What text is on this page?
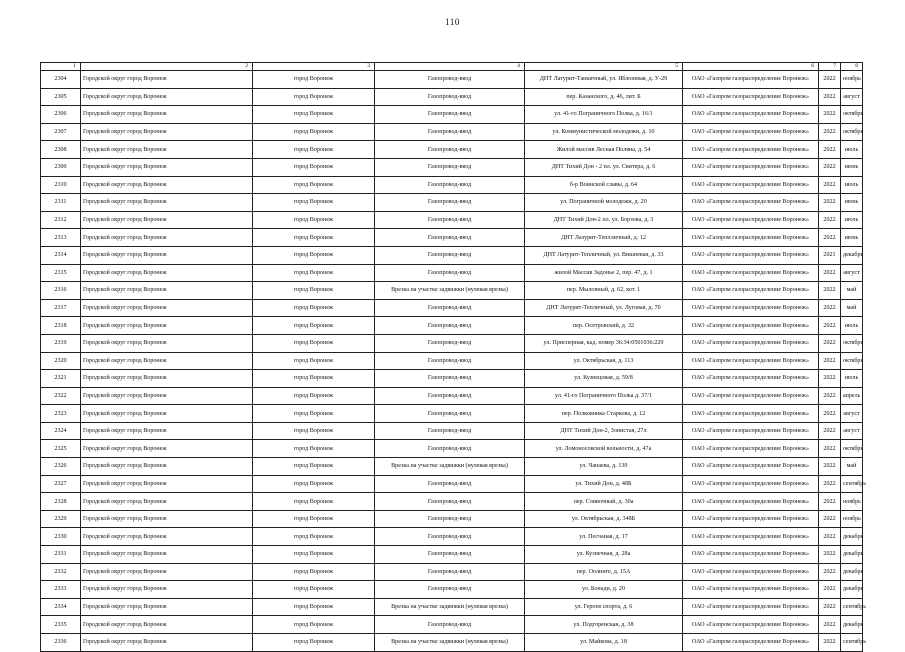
110
1	2	3	4	5	6	7	8
2304	Городской округ город Воронеж	город Воронеж	Газопровод-ввод	ДНТ Латурит-Танкичный, ул. Яблоневая, д. У-29	ОАО «Газпром газораспределение Воронеж»	2022	ноябрь
2305	Городской округ город Воронеж	город Воронеж	Газопровод-ввод	пер. Казанского, д. 46, лит. Б	ОАО «Газпром газораспределение Воронеж»	2022	август
2306	Городской округ город Воронеж	город Воронеж	Газопровод-ввод	ул. 41-го Пограничного Полка, д. 16/1	ОАО «Газпром газораспределение Воронеж»	2022	октябрь
2307	Городской округ город Воронеж	город Воронеж	Газопровод-ввод	ул. Коммунистической молодежи, д. 10	ОАО «Газпром газораспределение Воронеж»	2022	октябрь
2308	Городской округ город Воронеж	город Воронеж	Газопровод-ввод	Жилой массив Лесная Поляна, д. 54	ОАО «Газпром газораспределение Воронеж»	2022	июль
2309	Городской округ город Воронеж	город Воронеж	Газопровод-ввод	ДНТ Тихий Дон - 2 пл. ул. Свитера, д. 6	ОАО «Газпром газораспределение Воронеж»	2022	июнь
2310	Городской округ город Воронеж	город Воронеж	Газопровод-ввод	б-р Воинской славы, д. 64	ОАО «Газпром газораспределение Воронеж»	2022	июль
2311	Городской округ город Воронеж	город Воронеж	Газопровод-ввод	ул. Пограничной молодежи, д. 20	ОАО «Газпром газораспределение Воронеж»	2022	июнь
2312	Городской округ город Воронеж	город Воронеж	Газопровод-ввод	ДНТ Тихий Дон-2 пл. ул. Борзова, д. 3	ОАО «Газпром газораспределение Воронеж»	2022	июль
2313	Городской округ город Воронеж	город Воронеж	Газопровод-ввод	ДНТ Лазурит-Теплличный, д. 12	ОАО «Газпром газораспределение Воронеж»	2022	июнь
2314	Городской округ город Воронеж	город Воронеж	Газопровод-ввод	ДНТ Латурит-Тепличный, ул. Вишневая, д. 33	ОАО «Газпром газораспределение Воронеж»	2021	декабрь
2315	Городской округ город Воронеж	город Воронеж	Газопровод-ввод	жилой Массив Задонье 2, пер. 47, д. 1	ОАО «Газпром газораспределение Воронеж»	2022	август
2316	Городской округ город Воронеж	город Воронеж	Врезка на участке задвижки (нулевая врезка)	пер. Мыловный, д. 62, кот. 1	ОАО «Газпром газораспределение Воронеж»	2022	май
2317	Городской округ город Воронеж	город Воронеж	Газопровод-ввод	ДНТ Латурит-Тепличный, ул. Луговая, д. 70	ОАО «Газпром газораспределение Воронеж»	2022	май
2318	Городской округ город Воронеж	город Воронеж	Газопровод-ввод	пер. Осетровский, д. 32	ОАО «Газпром газораспределение Воронеж»	2022	июль
2319	Городской округ город Воронеж	город Воронеж	Газопровод-ввод	ул. Присперная, кад. номер 36:34:0501036:229	ОАО «Газпром газораспределение Воронеж»	2022	октябрь
2320	Городской округ город Воронеж	город Воронеж	Газопровод-ввод	ул. Октябрьская, д. 113	ОАО «Газпром газораспределение Воронеж»	2022	октябрь
2321	Городской округ город Воронеж	город Воронеж	Газопровод-ввод	ул. Кузнецовая, д. 59/8	ОАО «Газпром газораспределение Воронеж»	2022	июль
2322	Городской округ город Воронеж	город Воронеж	Газопровод-ввод	ул. 41-го Пограничного Полка д. 37/1	ОАО «Газпром газораспределение Воронеж»	2022	апрель
2323	Городской округ город Воронеж	город Воронеж	Газопровод-ввод	пер. Полковника Старкова, д. 12	ОАО «Газпром газораспределение Воронеж»	2022	август
2324	Городской округ город Воронеж	город Воронеж	Газопровод-ввод	ДНТ Тихий Дон-2, Зонистая, 27л	ОАО «Газпром газораспределение Воронеж»	2022	август
2325	Городской округ город Воронеж	город Воронеж	Газопровод-ввод	ул. Ломоносовской вольности, д. 47а	ОАО «Газпром газораспределение Воронеж»	2022	октябрь
2326	Городской округ город Воронеж	город Воронеж	Врезка на участке задвижки (нулевая врезка)	ул. Чапаева, д. 139	ОАО «Газпром газораспределение Воронеж»	2022	май
2327	Городской округ город Воронеж	город Воронеж	Газопровод-ввод	ул. Тихий Дон, д. 48Б	ОАО «Газпром газораспределение Воронеж»	2022	сентябрь
2328	Городской округ город Воронеж	город Воронеж	Газопровод-ввод	пер. Сливочный, д. 30а	ОАО «Газпром газораспределение Воронеж»	2022	ноябрь
2329	Городской округ город Воронеж	город Воронеж	Газопровод-ввод	ул. Октябрьская, д. 348Б	ОАО «Газпром газораспределение Воронеж»	2022	ноябрь
2330	Городской округ город Воронеж	город Воронеж	Газопровод-ввод	ул. Песчаная, д. 17	ОАО «Газпром газораспределение Воронеж»	2022	декабрь
2331	Городской округ город Воронеж	город Воронеж	Газопровод-ввод	ул. Кузнечная, д. 28а	ОАО «Газпром газораспределение Воронеж»	2022	декабрь
2332	Городской округ город Воронеж	город Воронеж	Газопровод-ввод	пер. Оолинге, д. 15А	ОАО «Газпром газораспределение Воронеж»	2022	декабрь
2333	Городской округ город Воронеж	город Воронеж	Газопровод-ввод	ул. Бонади, д. 20	ОАО «Газпром газораспределение Воронеж»	2022	декабрь
2334	Городской округ город Воронеж	город Воронеж	Врезка на участке задвижки (нулевая врезка)	ул. Героев спорта, д. 6	ОАО «Газпром газораспределение Воронеж»	2022	сентябрь
2335	Городской округ город Воронеж	город Воронеж	Газопровод-ввод	ул. Подгоренская, д. 38	ОАО «Газпром газораспределение Воронеж»	2022	декабрь
2336	Городской округ город Воронеж	город Воронеж	Врезка на участке задвижки (нулевая врезка)	ул. Майкова, д. 18	ОАО «Газпром газораспределение Воронеж»	2022	сентябрь
